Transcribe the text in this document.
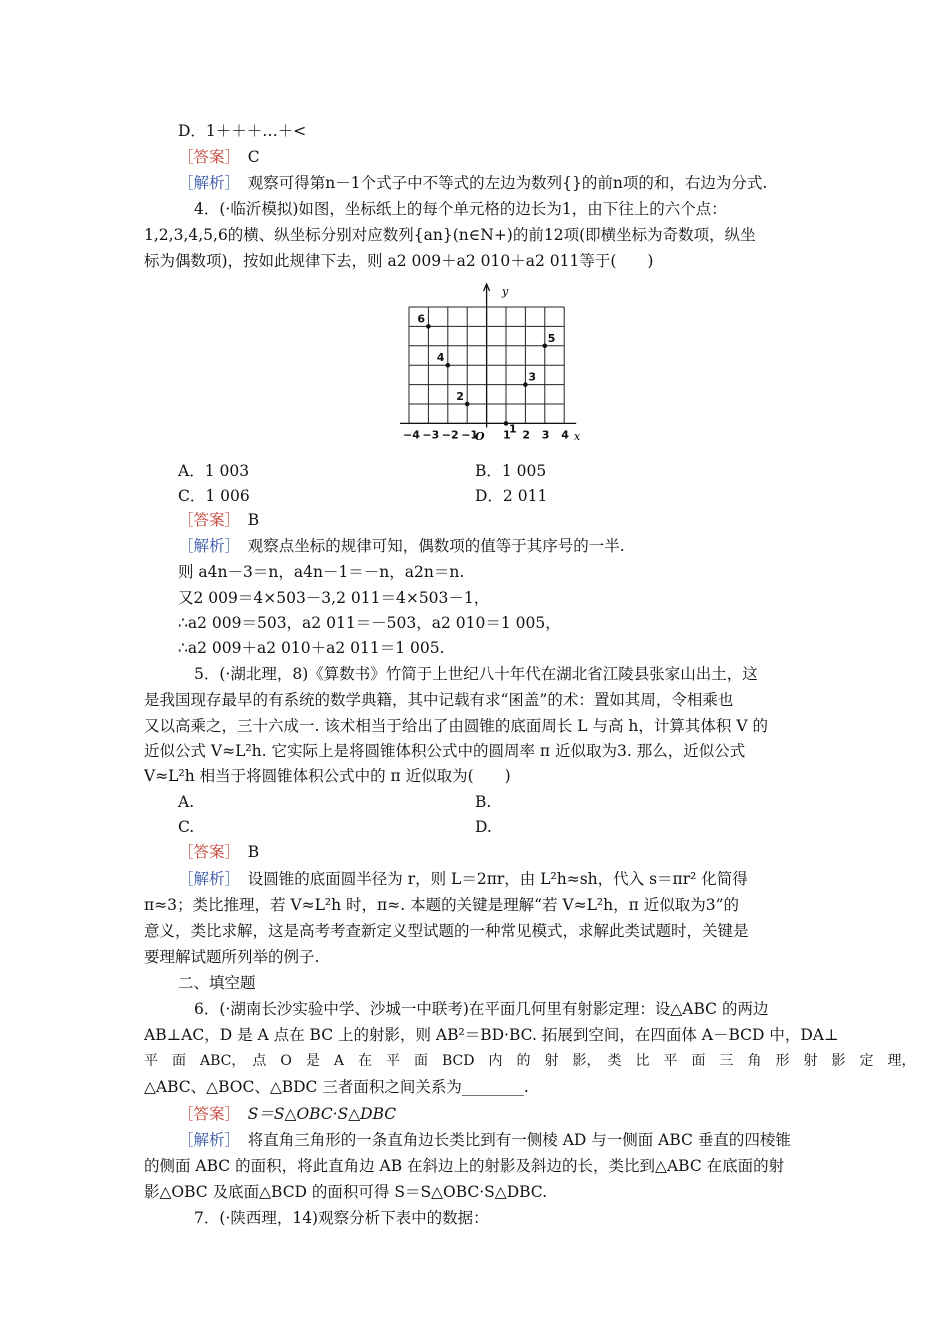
D．1＋＋＋…＋<
［答案］　 C
［解析］　 观察可得第n－1个式子中不等式的左边为数列{}的前n项的和，右边为分式.
4．(·临沂模拟)如图，坐标纸上的每个单元格的边长为1，由下往上的六个点：
1,2,3,4,5,6的横、纵坐标分别对应数列{an}(n∈N+)的前12项(即横坐标为奇数项，纵坐
标为偶数项)，按如此规律下去，则 a2 009＋a2 010＋a2 011等于(　　)
−4 −3 −2 −1 1 2 3 4
1
2
3
4
5
6
y
x
O
A．1 003	B．1 005
C．1 006	D．2 011
［答案］　 B
［解析］　 观察点坐标的规律可知，偶数项的值等于其序号的一半.
则 a4n－3＝n，a4n－1＝－n，a2n＝n.
又2 009＝4×503－3,2 011＝4×503－1，
∴a2 009＝503，a2 011＝－503，a2 010＝1 005，
∴a2 009＋a2 010＋a2 011＝1 005.
5．(·湖北理，8)《算数书》竹简于上世纪八十年代在湖北省江陵县张家山出土，这
是我国现存最早的有系统的数学典籍，其中记载有求“囷盖”的术：置如其周，令相乘也
又以高乘之，三十六成一. 该术相当于给出了由圆锥的底面周长 L 与高 h，计算其体积 V 的
近似公式 V≈L²h. 它实际上是将圆锥体积公式中的圆周率 π 近似取为3. 那么，近似公式
V≈L²h 相当于将圆锥体积公式中的 π 近似取为(　　)
A.	B.
C.	D.
［答案］　 B
［解析］　 设圆锥的底面圆半径为 r，则 L＝2πr，由 L²h≈sh，代入 s＝πr² 化简得
π≈3；类比推理，若 V≈L²h 时，π≈. 本题的关键是理解“若 V≈L²h，π 近似取为3”的
意义，类比求解，这是高考考查新定义型试题的一种常见模式，求解此类试题时，关键是
要理解试题所列举的例子.
二、填空题
6．(·湖南长沙实验中学、沙城一中联考)在平面几何里有射影定理：设△ABC 的两边
AB⊥AC，D 是 A 点在 BC 上的射影，则 AB²＝BD·BC. 拓展到空间，在四面体 A－BCD 中，DA⊥
平　面　ABC，　点　O　是　A　在　平　面　BCD　内　的　射　影，　类　比　平　面　三　角　形　射　影　定　理，
△ABC、△BOC、△BDC 三者面积之间关系为________.
［答案］　 S＝S△OBC·S△DBC
［解析］　 将直角三角形的一条直角边长类比到有一侧棱 AD 与一侧面 ABC 垂直的四棱锥
的侧面 ABC 的面积，将此直角边 AB 在斜边上的射影及斜边的长，类比到△ABC 在底面的射
影△OBC 及底面△BCD 的面积可得 S＝S△OBC·S△DBC.
7．(·陕西理，14)观察分析下表中的数据：
